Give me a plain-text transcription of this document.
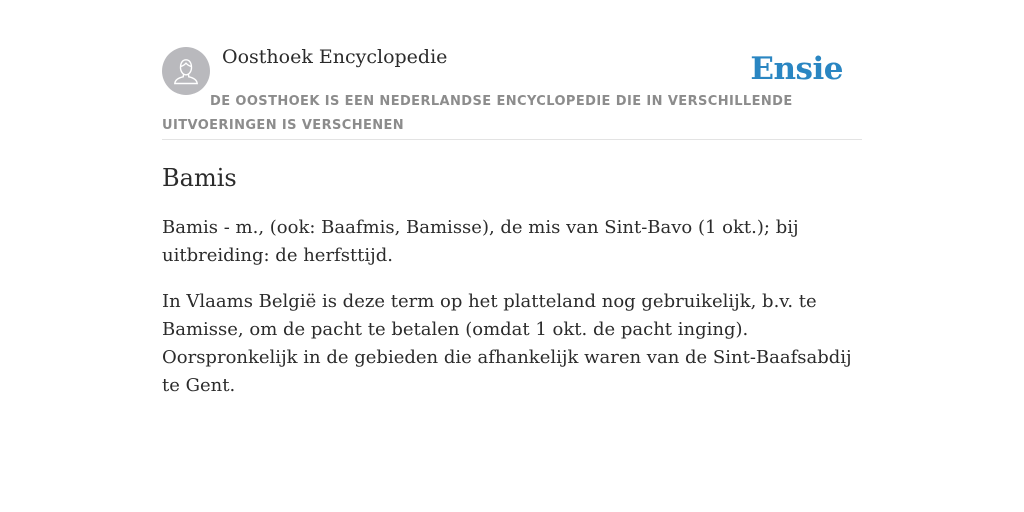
Oosthoek Encyclopedie	Ensie
DE OOSTHOEK IS EEN NEDERLANDSE ENCYCLOPEDIE DIE IN VERSCHILLENDE UITVOERINGEN IS VERSCHENEN
Bamis

Bamis - m., (ook: Baafmis, Bamisse), de mis van Sint-Bavo (1 okt.); bij uitbreiding: de herfsttijd.

In Vlaams België is deze term op het platteland nog gebruikelijk, b.v. te Bamisse, om de pacht te betalen (omdat 1 okt. de pacht inging). Oorspronkelijk in de gebieden die afhankelijk waren van de Sint-Baafsabdij te Gent.
